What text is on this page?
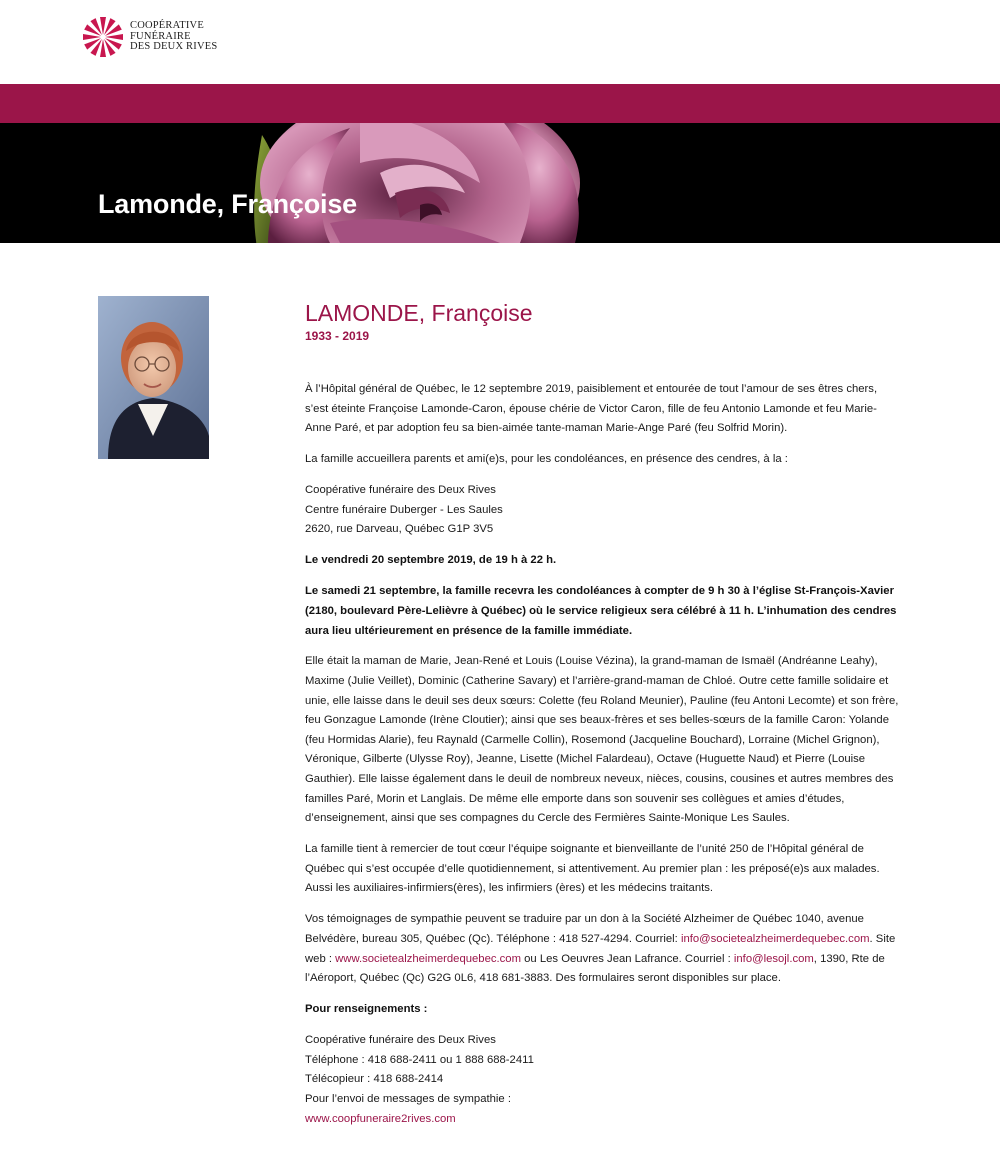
COOPÉRATIVE
FUNÉRAIRE
DES DEUX RIVES
Lamonde, Françoise
LAMONDE, Françoise
1933 - 2019

À l’Hôpital général de Québec, le 12 septembre 2019, paisiblement et entourée de tout l’amour de ses êtres chers, s’est éteinte Françoise Lamonde-Caron, épouse chérie de Victor Caron, fille de feu Antonio Lamonde et feu Marie-Anne Paré, et par adoption feu sa bien-aimée tante-maman Marie-Ange Paré (feu Solfrid Morin).

La famille accueillera parents et ami(e)s, pour les condoléances, en présence des cendres, à la :

Coopérative funéraire des Deux Rives
Centre funéraire Duberger - Les Saules
2620, rue Darveau, Québec G1P 3V5

Le vendredi 20 septembre 2019, de 19 h à 22 h.

Le samedi 21 septembre, la famille recevra les condoléances à compter de 9 h 30 à l’église St-François-Xavier (2180, boulevard Père-Lelièvre à Québec) où le service religieux sera célébré à 11 h. L’inhumation des cendres aura lieu ultérieurement en présence de la famille immédiate.

Elle était la maman de Marie, Jean-René et Louis (Louise Vézina), la grand-maman de Ismaël (Andréanne Leahy), Maxime (Julie Veillet), Dominic (Catherine Savary) et l’arrière-grand-maman de Chloé. Outre cette famille solidaire et unie, elle laisse dans le deuil ses deux sœurs: Colette (feu Roland Meunier), Pauline (feu Antoni Lecomte) et son frère, feu Gonzague Lamonde (Irène Cloutier); ainsi que ses beaux-frères et ses belles-sœurs de la famille Caron: Yolande (feu Hormidas Alarie), feu Raynald (Carmelle Collin), Rosemond (Jacqueline Bouchard), Lorraine (Michel Grignon), Véronique, Gilberte (Ulysse Roy), Jeanne, Lisette (Michel Falardeau), Octave (Huguette Naud) et Pierre (Louise Gauthier). Elle laisse également dans le deuil de nombreux neveux, nièces, cousins, cousines et autres membres des familles Paré, Morin et Langlais. De même elle emporte dans son souvenir ses collègues et amies d’études, d’enseignement, ainsi que ses compagnes du Cercle des Fermières Sainte-Monique Les Saules.

La famille tient à remercier de tout cœur l’équipe soignante et bienveillante de l’unité 250 de l’Hôpital général de Québec qui s’est occupée d’elle quotidiennement, si attentivement. Au premier plan : les préposé(e)s aux malades. Aussi les auxiliaires-infirmiers(ères), les infirmiers (ères) et les médecins traitants.

Vos témoignages de sympathie peuvent se traduire par un don à la Société Alzheimer de Québec 1040, avenue Belvédère, bureau 305, Québec (Qc). Téléphone : 418 527-4294. Courriel: info@societealzheimerdequebec.com. Site web : www.societealzheimerdequebec.com ou Les Oeuvres Jean Lafrance. Courriel : info@lesojl.com, 1390, Rte de l’Aéroport, Québec (Qc) G2G 0L6, 418 681-3883. Des formulaires seront disponibles sur place.

Pour renseignements :

Coopérative funéraire des Deux Rives
Téléphone : 418 688-2411 ou 1 888 688-2411
Télécopieur : 418 688-2414
Pour l’envoi de messages de sympathie :
www.coopfuneraire2rives.com
